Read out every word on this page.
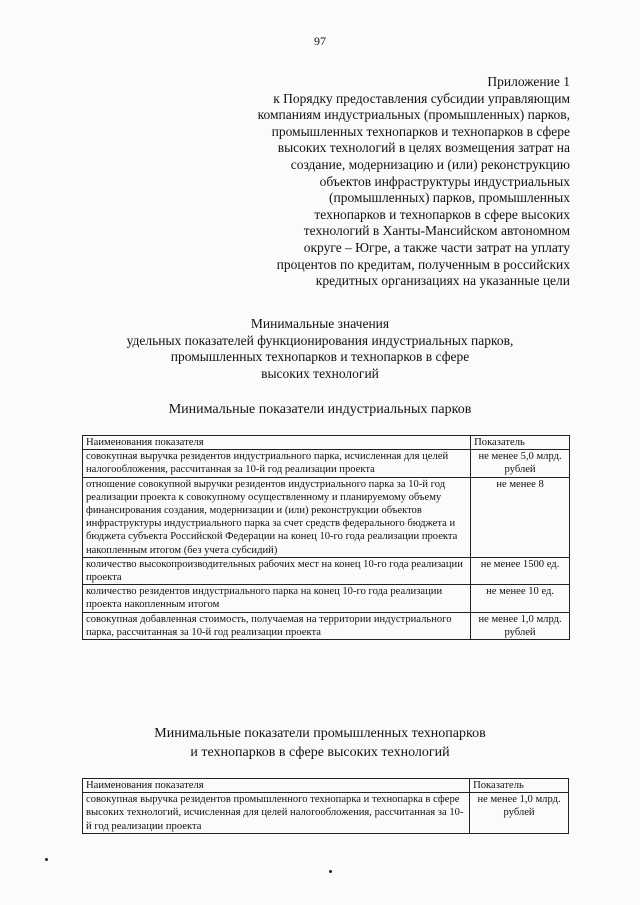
97
Приложение 1
к Порядку предоставления субсидии управляющим
компаниям индустриальных (промышленных) парков,
промышленных технопарков и технопарков в сфере
высоких технологий в целях возмещения затрат на
создание, модернизацию и (или) реконструкцию
объектов инфраструктуры индустриальных
(промышленных) парков, промышленных
технопарков и технопарков в сфере высоких
технологий в Ханты-Мансийском автономном
округе – Югре, а также части затрат на уплату
процентов по кредитам, полученным в российских
кредитных организациях на указанные цели
Минимальные значения
удельных показателей функционирования индустриальных парков,
промышленных технопарков и технопарков в сфере
высоких технологий
Минимальные показатели индустриальных парков
Наименования показателя	Показатель
совокупная выручка резидентов индустриального парка, исчисленная для целей налогообложения, рассчитанная за 10-й год реализации проекта	не менее 5,0 млрд. рублей
отношение совокупной выручки резидентов индустриального парка за 10-й год реализации проекта к совокупному осуществленному и планируемому объему финансирования создания, модернизации и (или) реконструкции объектов инфраструктуры индустриального парка за счет средств федерального бюджета и бюджета субъекта Российской Федерации на конец 10-го года реализации проекта накопленным итогом (без учета субсидий)	не менее 8
количество высокопроизводительных рабочих мест на конец 10-го года реализации проекта	не менее 1500 ед.
количество резидентов индустриального парка на конец 10-го года реализации проекта накопленным итогом	не менее 10 ед.
совокупная добавленная стоимость, получаемая на территории индустриального парка, рассчитанная за 10-й год реализации проекта	не менее 1,0 млрд. рублей
Минимальные показатели промышленных технопарков
и технопарков в сфере высоких технологий
Наименования показателя	Показатель
совокупная выручка резидентов промышленного технопарка и технопарка в сфере высоких технологий, исчисленная для целей налогообложения, рассчитанная за 10-й год реализации проекта	не менее 1,0 млрд. рублей
